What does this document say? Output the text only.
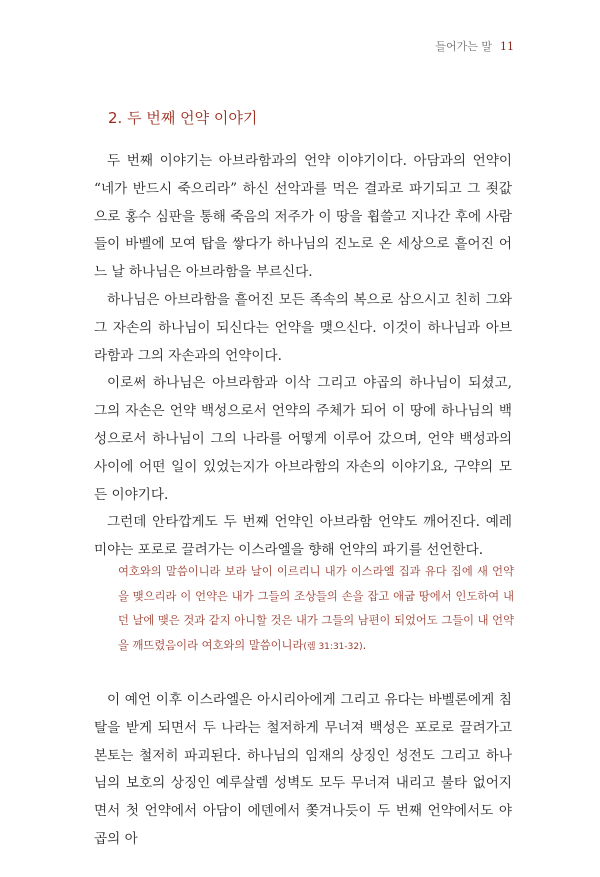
들어가는 말 11
2. 두 번째 언약 이야기

두 번째 이야기는 아브라함과의 언약 이야기이다. 아담과의 언약이 “네가 반드시 죽으리라” 하신 선악과를 먹은 결과로 파기되고 그 죗값으로 홍수 심판을 통해 죽음의 저주가 이 땅을 휩쓸고 지나간 후에 사람들이 바벨에 모여 탑을 쌓다가 하나님의 진노로 온 세상으로 흩어진 어느 날 하나님은 아브라함을 부르신다.

하나님은 아브라함을 흩어진 모든 족속의 복으로 삼으시고 친히 그와 그 자손의 하나님이 되신다는 언약을 맺으신다. 이것이 하나님과 아브라함과 그의 자손과의 언약이다.

이로써 하나님은 아브라함과 이삭 그리고 야곱의 하나님이 되셨고, 그의 자손은 언약 백성으로서 언약의 주체가 되어 이 땅에 하나님의 백성으로서 하나님이 그의 나라를 어떻게 이루어 갔으며, 언약 백성과의 사이에 어떤 일이 있었는지가 아브라함의 자손의 이야기요, 구약의 모든 이야기다.

그런데 안타깝게도 두 번째 언약인 아브라함 언약도 깨어진다. 예레미야는 포로로 끌려가는 이스라엘을 향해 언약의 파기를 선언한다.

여호와의 말씀이니라 보라 날이 이르리니 내가 이스라엘 집과 유다 집에 새 언약을 맺으리라 이 언약은 내가 그들의 조상들의 손을 잡고 애굽 땅에서 인도하여 내던 날에 맺은 것과 같지 아니할 것은 내가 그들의 남편이 되었어도 그들이 내 언약을 깨뜨렸음이라 여호와의 말씀이니라(렘 31:31-32).

이 예언 이후 이스라엘은 아시리아에게 그리고 유다는 바벨론에게 침탈을 받게 되면서 두 나라는 철저하게 무너져 백성은 포로로 끌려가고 본토는 철저히 파괴된다. 하나님의 임재의 상징인 성전도 그리고 하나님의 보호의 상징인 예루살렘 성벽도 모두 무너져 내리고 불타 없어지면서 첫 언약에서 아담이 에덴에서 쫓겨나듯이 두 번째 언약에서도 야곱의 아
